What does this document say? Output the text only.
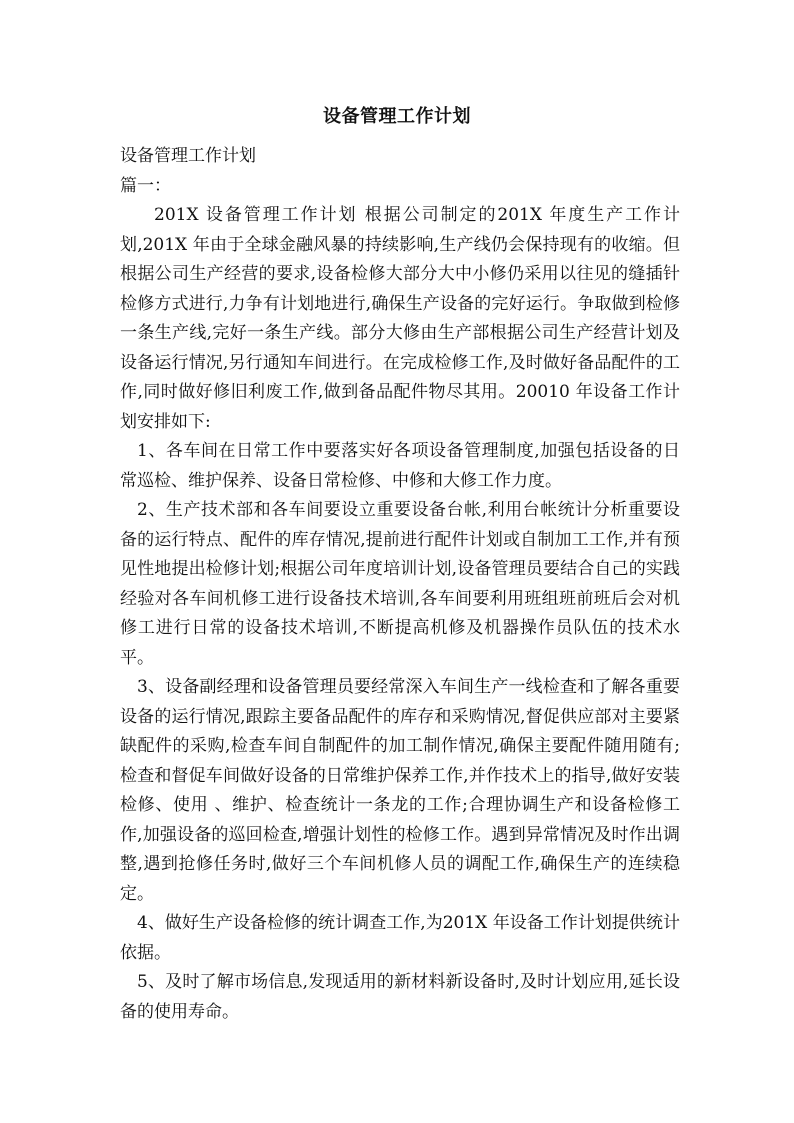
设备管理工作计划
设备管理工作计划
篇一：

201X 设备管理工作计划 根据公司制定的201X 年度生产工作计划,201X 年由于全球金融风暴的持续影响,生产线仍会保持现有的收缩。但根据公司生产经营的要求,设备检修大部分大中小修仍采用以往见的缝插针检修方式进行,力争有计划地进行,确保生产设备的完好运行。争取做到检修一条生产线,完好一条生产线。部分大修由生产部根据公司生产经营计划及设备运行情况,另行通知车间进行。在完成检修工作,及时做好备品配件的工作,同时做好修旧利废工作,做到备品配件物尽其用。20010 年设备工作计划安排如下:

1、各车间在日常工作中要落实好各项设备管理制度,加强包括设备的日常巡检、维护保养、设备日常检修、中修和大修工作力度。

2、生产技术部和各车间要设立重要设备台帐,利用台帐统计分析重要设备的运行特点、配件的库存情况,提前进行配件计划或自制加工工作,并有预见性地提出检修计划;根据公司年度培训计划,设备管理员要结合自己的实践经验对各车间机修工进行设备技术培训,各车间要利用班组班前班后会对机修工进行日常的设备技术培训,不断提高机修及机器操作员队伍的技术水平。

3、设备副经理和设备管理员要经常深入车间生产一线检查和了解各重要设备的运行情况,跟踪主要备品配件的库存和采购情况,督促供应部对主要紧缺配件的采购,检查车间自制配件的加工制作情况,确保主要配件随用随有;检查和督促车间做好设备的日常维护保养工作,并作技术上的指导,做好安装检修、使用 、维护、检查统计一条龙的工作;合理协调生产和设备检修工作,加强设备的巡回检查,增强计划性的检修工作。遇到异常情况及时作出调整,遇到抢修任务时,做好三个车间机修人员的调配工作,确保生产的连续稳定。

4、做好生产设备检修的统计调查工作,为201X 年设备工作计划提供统计依据。

5、及时了解市场信息,发现适用的新材料新设备时,及时计划应用,延长设备的使用寿命。
